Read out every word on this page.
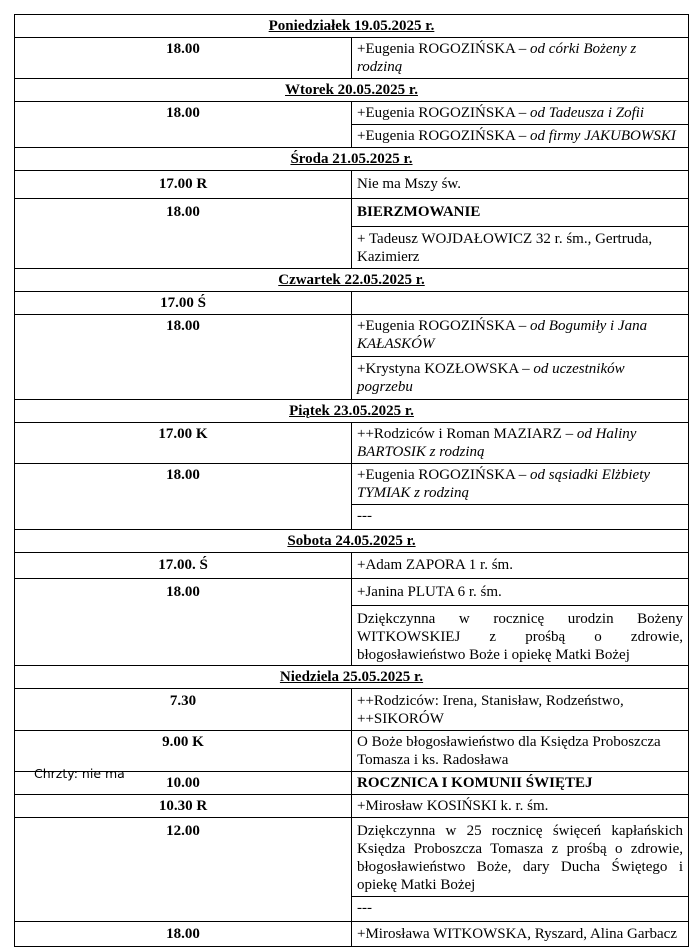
Poniedziałek 19.05.2025 r.	
18.00	+Eugenia ROGOZIŃSKA – od córki Bożeny z rodziną
Wtorek 20.05.2025 r.	
18.00	+Eugenia ROGOZIŃSKA – od Tadeusza i Zofii
	+Eugenia ROGOZIŃSKA – od firmy JAKUBOWSKI
Środa 21.05.2025 r.	
17.00 R	Nie ma Mszy św.
18.00	BIERZMOWANIE
	+ Tadeusz WOJDAŁOWICZ 32 r. śm., Gertruda, Kazimierz
Czwartek 22.05.2025 r.	
17.00 Ś	
18.00	+Eugenia ROGOZIŃSKA – od Bogumiły i Jana KAŁASKÓW
	+Krystyna KOZŁOWSKA – od uczestników pogrzebu
Piątek 23.05.2025 r.	
17.00 K	++Rodziców i Roman MAZIARZ – od Haliny BARTOSIK z rodziną
18.00	+Eugenia ROGOZIŃSKA – od sąsiadki Elżbiety TYMIAK z rodziną
	---
Sobota 24.05.2025 r.	
17.00. Ś	+Adam ZAPORA 1 r. śm.
18.00	+Janina PLUTA 6 r. śm.
	Dziękczynna w rocznicę urodzin Bożeny WITKOWSKIEJ z prośbą o zdrowie, błogosławieństwo Boże i opiekę Matki Bożej
Niedziela 25.05.2025 r.	
7.30	++Rodziców: Irena, Stanisław, Rodzeństwo, ++SIKORÓW
9.00 K	O Boże błogosławieństwo dla Księdza Proboszcza Tomasza i ks. Radosława
10.00	ROCZNICA I KOMUNII ŚWIĘTEJ
10.30 R	+Mirosław KOSIŃSKI k. r. śm.
12.00	Dziękczynna w 25 rocznicę święceń kapłańskich Księdza Proboszcza Tomasza z prośbą o zdrowie, błogosławieństwo Boże, dary Ducha Świętego i opiekę Matki Bożej
	---
18.00	+Mirosława WITKOWSKA, Ryszard, Alina Garbacz
Chrzty: nie ma
